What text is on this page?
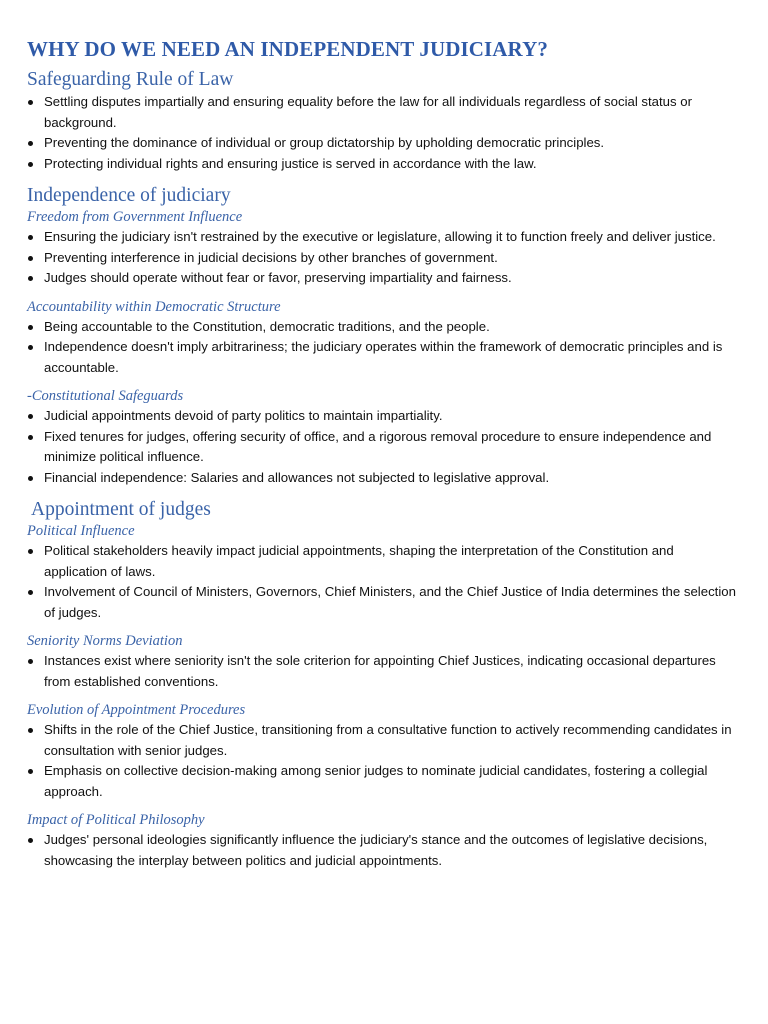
WHY DO WE NEED AN INDEPENDENT JUDICIARY?
Safeguarding Rule of Law
Settling disputes impartially and ensuring equality before the law for all individuals regardless of social status or background.
Preventing the dominance of individual or group dictatorship by upholding democratic principles.
Protecting individual rights and ensuring justice is served in accordance with the law.
Independence of judiciary
Freedom from Government Influence
Ensuring the judiciary isn't restrained by the executive or legislature, allowing it to function freely and deliver justice.
Preventing interference in judicial decisions by other branches of government.
Judges should operate without fear or favor, preserving impartiality and fairness.
Accountability within Democratic Structure
Being accountable to the Constitution, democratic traditions, and the people.
Independence doesn't imply arbitrariness; the judiciary operates within the framework of democratic principles and is accountable.
-Constitutional Safeguards
Judicial appointments devoid of party politics to maintain impartiality.
Fixed tenures for judges, offering security of office, and a rigorous removal procedure to ensure independence and minimize political influence.
Financial independence: Salaries and allowances not subjected to legislative approval.
Appointment of judges
Political Influence
Political stakeholders heavily impact judicial appointments, shaping the interpretation of the Constitution and application of laws.
Involvement of Council of Ministers, Governors, Chief Ministers, and the Chief Justice of India determines the selection of judges.
Seniority Norms Deviation
Instances exist where seniority isn't the sole criterion for appointing Chief Justices, indicating occasional departures from established conventions.
Evolution of Appointment Procedures
Shifts in the role of the Chief Justice, transitioning from a consultative function to actively recommending candidates in consultation with senior judges.
Emphasis on collective decision-making among senior judges to nominate judicial candidates, fostering a collegial approach.
Impact of Political Philosophy
Judges' personal ideologies significantly influence the judiciary's stance and the outcomes of legislative decisions, showcasing the interplay between politics and judicial appointments.
